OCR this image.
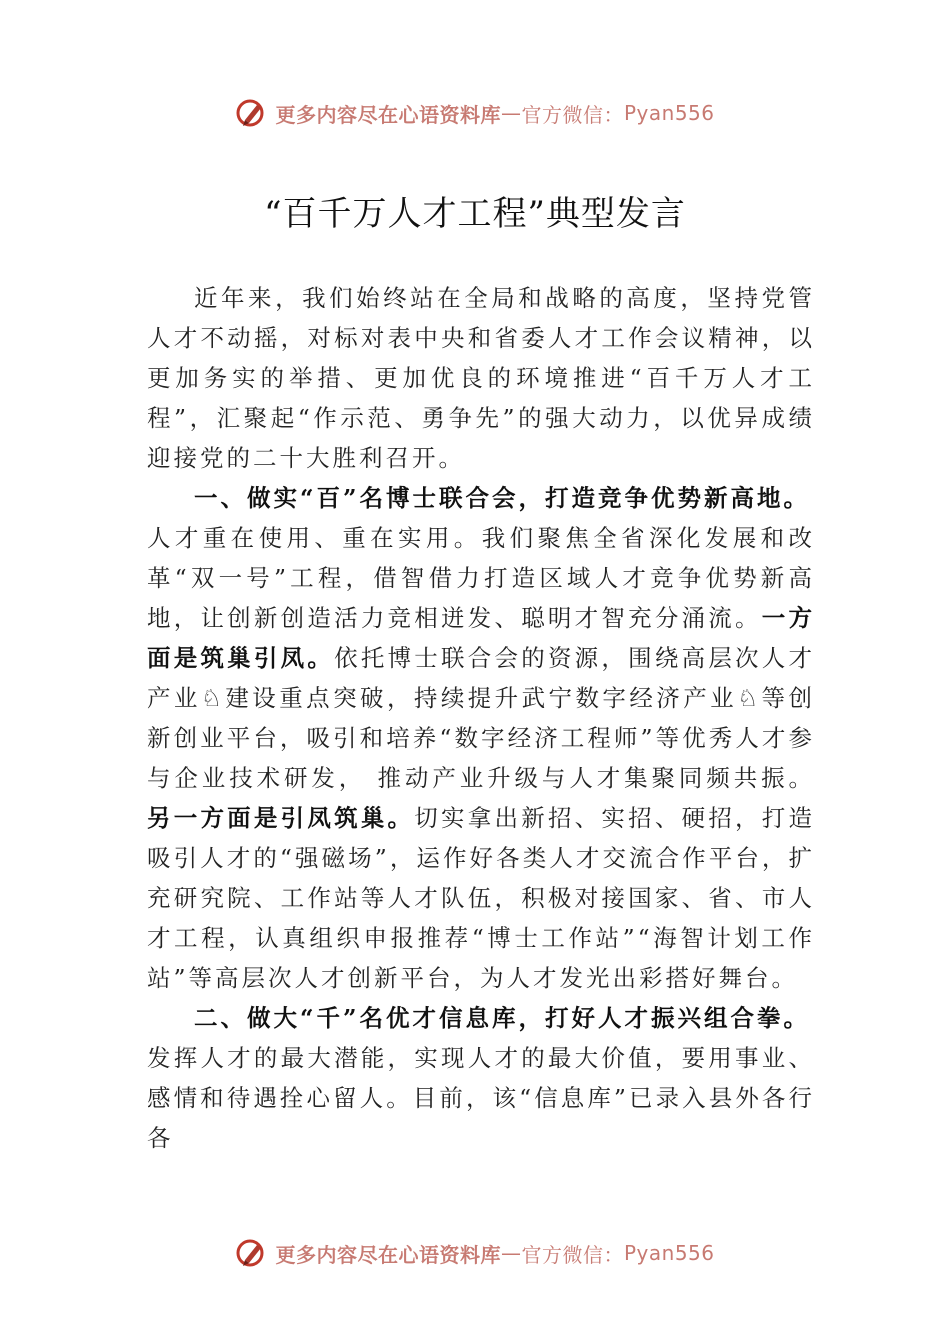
更多内容尽在心语资料库 — 官方微信： Pyan556
“百千万人才工程”典型发言

近年来，我们始终站在全局和战略的高度，坚持党管人才不动摇，对标对表中央和省委人才工作会议精神，以更加务实的举措、更加优良的环境推进“百千万人才工程”，汇聚起“作示范、勇争先”的强大动力，以优异成绩迎接党的二十大胜利召开。

一、做实“百”名博士联合会，打造竞争优势新高地。

人才重在使用、重在实用。我们聚焦全省深化发展和改革“双一号”工程，借智借力打造区域人才竞争优势新高地，让创新创造活力竞相迸发、聪明才智充分涌流。一方面是筑巢引凤。依托博士联合会的资源，围绕高层次人才产业♘建设重点突破，持续提升武宁数字经济产业♘等创新创业平台，吸引和培养“数字经济工程师”等优秀人才参与企业技术研发， 推动产业升级与人才集聚同频共振。另一方面是引凤筑巢。切实拿出新招、实招、硬招，打造吸引人才的“强磁场”，运作好各类人才交流合作平台，扩充研究院、工作站等人才队伍，积极对接国家、省、市人才工程，认真组织申报推荐“博士工作站”“海智计划工作站”等高层次人才创新平台，为人才发光出彩搭好舞台。

二、做大“千”名优才信息库，打好人才振兴组合拳。

发挥人才的最大潜能，实现人才的最大价值，要用事业、感情和待遇拴心留人。目前，该“信息库”已录入县外各行各

更多内容尽在心语资料库 — 官方微信： Pyan556
